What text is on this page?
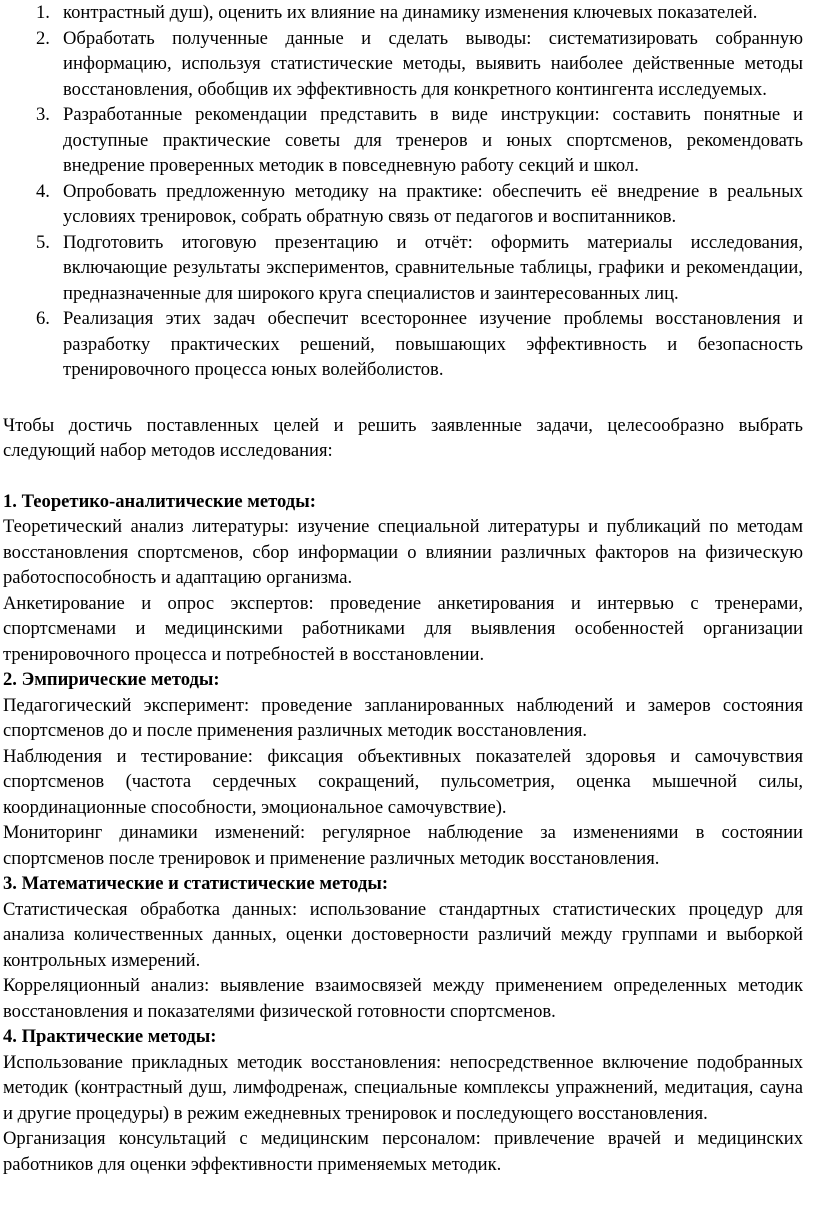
1. контрастный душ), оценить их влияние на динамику изменения ключевых показателей.
2. Обработать полученные данные и сделать выводы: систематизировать собранную информацию, используя статистические методы, выявить наиболее действенные методы восстановления, обобщив их эффективность для конкретного контингента исследуемых.
3. Разработанные рекомендации представить в виде инструкции: составить понятные и доступные практические советы для тренеров и юных спортсменов, рекомендовать внедрение проверенных методик в повседневную работу секций и школ.
4. Опробовать предложенную методику на практике: обеспечить её внедрение в реальных условиях тренировок, собрать обратную связь от педагогов и воспитанников.
5. Подготовить итоговую презентацию и отчёт: оформить материалы исследования, включающие результаты экспериментов, сравнительные таблицы, графики и рекомендации, предназначенные для широкого круга специалистов и заинтересованных лиц.
6. Реализация этих задач обеспечит всестороннее изучение проблемы восстановления и разработку практических решений, повышающих эффективность и безопасность тренировочного процесса юных волейболистов.

Чтобы достичь поставленных целей и решить заявленные задачи, целесообразно выбрать следующий набор методов исследования:

1. Теоретико-аналитические методы:

Теоретический анализ литературы: изучение специальной литературы и публикаций по методам восстановления спортсменов, сбор информации о влиянии различных факторов на физическую работоспособность и адаптацию организма.

Анкетирование и опрос экспертов: проведение анкетирования и интервью с тренерами, спортсменами и медицинскими работниками для выявления особенностей организации тренировочного процесса и потребностей в восстановлении.

2. Эмпирические методы:

Педагогический эксперимент: проведение запланированных наблюдений и замеров состояния спортсменов до и после применения различных методик восстановления.

Наблюдения и тестирование: фиксация объективных показателей здоровья и самочувствия спортсменов (частота сердечных сокращений, пульсометрия, оценка мышечной силы, координационные способности, эмоциональное самочувствие).

Мониторинг динамики изменений: регулярное наблюдение за изменениями в состоянии спортсменов после тренировок и применение различных методик восстановления.

3. Математические и статистические методы:

Статистическая обработка данных: использование стандартных статистических процедур для анализа количественных данных, оценки достоверности различий между группами и выборкой контрольных измерений.

Корреляционный анализ: выявление взаимосвязей между применением определенных методик восстановления и показателями физической готовности спортсменов.

4. Практические методы:

Использование прикладных методик восстановления: непосредственное включение подобранных методик (контрастный душ, лимфодренаж, специальные комплексы упражнений, медитация, сауна и другие процедуры) в режим ежедневных тренировок и последующего восстановления.

Организация консультаций с медицинским персоналом: привлечение врачей и медицинских работников для оценки эффективности применяемых методик.
